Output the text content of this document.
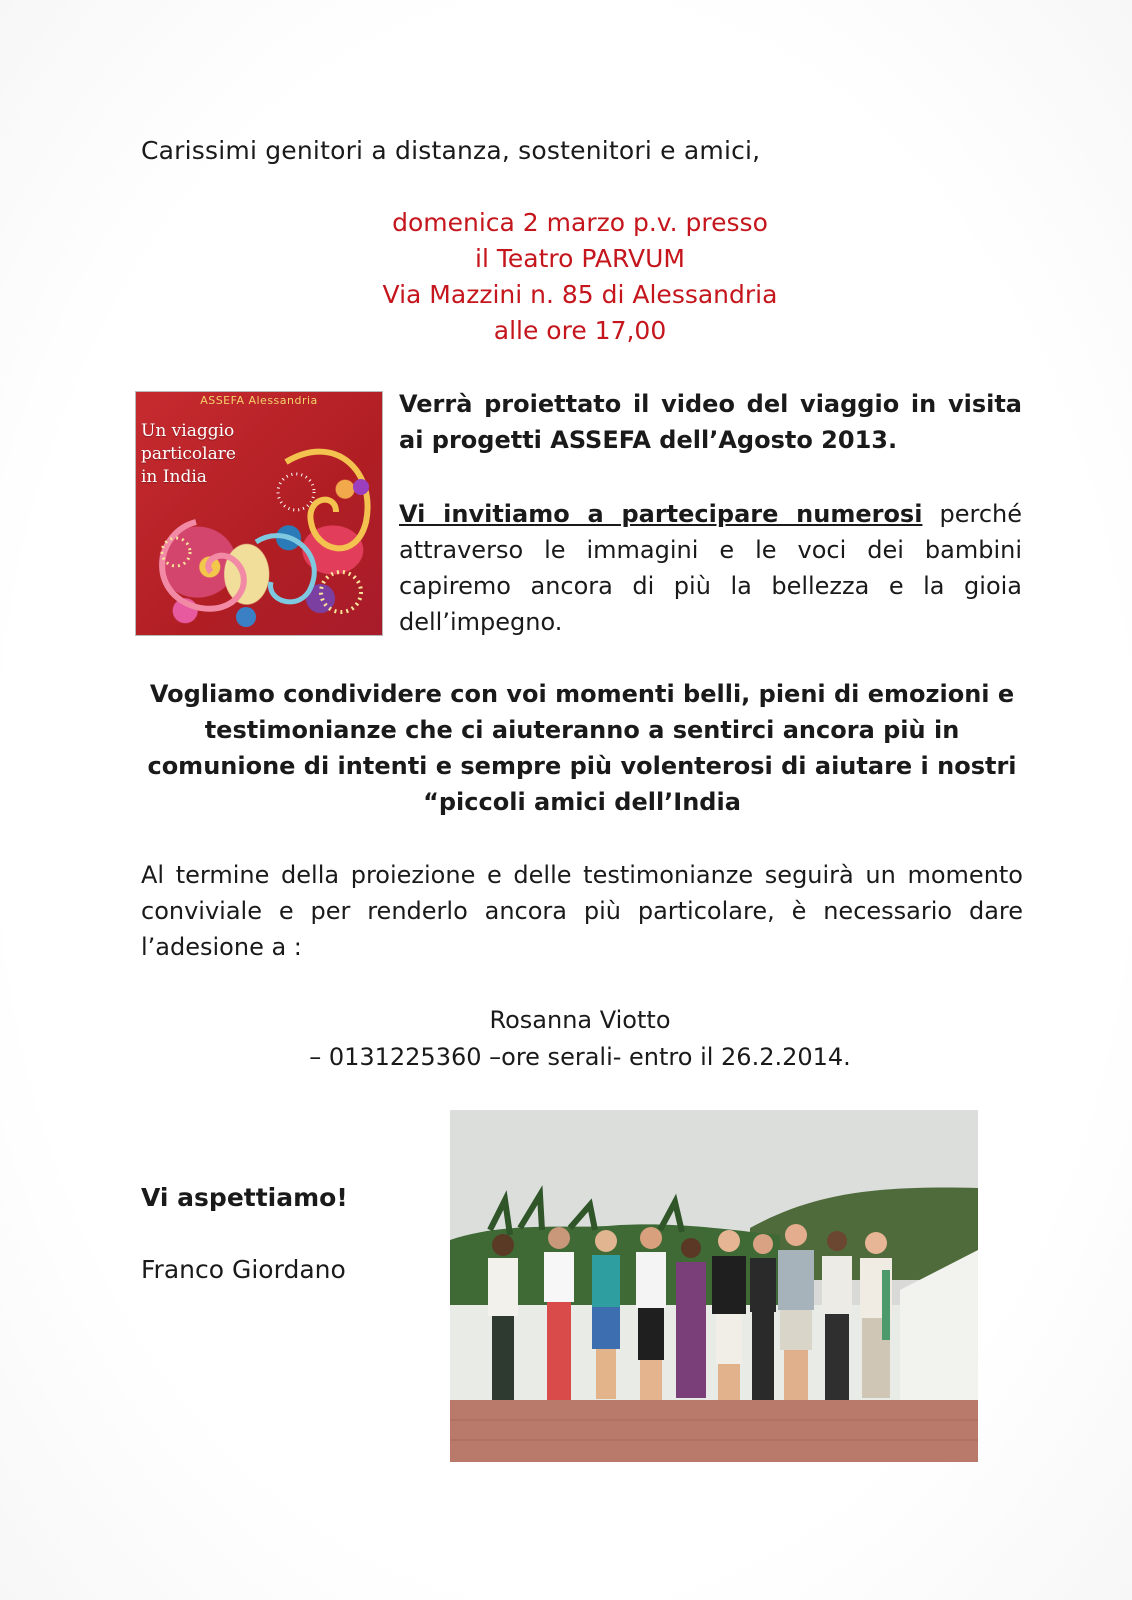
Carissimi genitori a distanza, sostenitori e amici,
domenica 2 marzo p.v. presso
il Teatro PARVUM
Via Mazzini n. 85 di Alessandria
alle ore 17,00
ASSEFA Alessandria
Un viaggio
particolare
in India
Verrà proiettato il video del viaggio in visita ai progetti ASSEFA dell’Agosto 2013.
Vi invitiamo a partecipare numerosi perché attraverso le immagini e le voci dei bambini capiremo ancora di più la bellezza e la gioia dell’impegno.
Vogliamo condividere con voi momenti belli, pieni di emozioni e testimonianze che ci aiuteranno a sentirci ancora più in comunione di intenti e sempre più volenterosi di aiutare i nostri “piccoli amici dell’India
Al termine della proiezione e delle testimonianze seguirà un momento conviviale e per renderlo ancora più particolare, è necessario dare l’adesione a :
Rosanna Viotto
– 0131225360 –ore serali- entro il 26.2.2014.
Vi aspettiamo!
Franco Giordano
